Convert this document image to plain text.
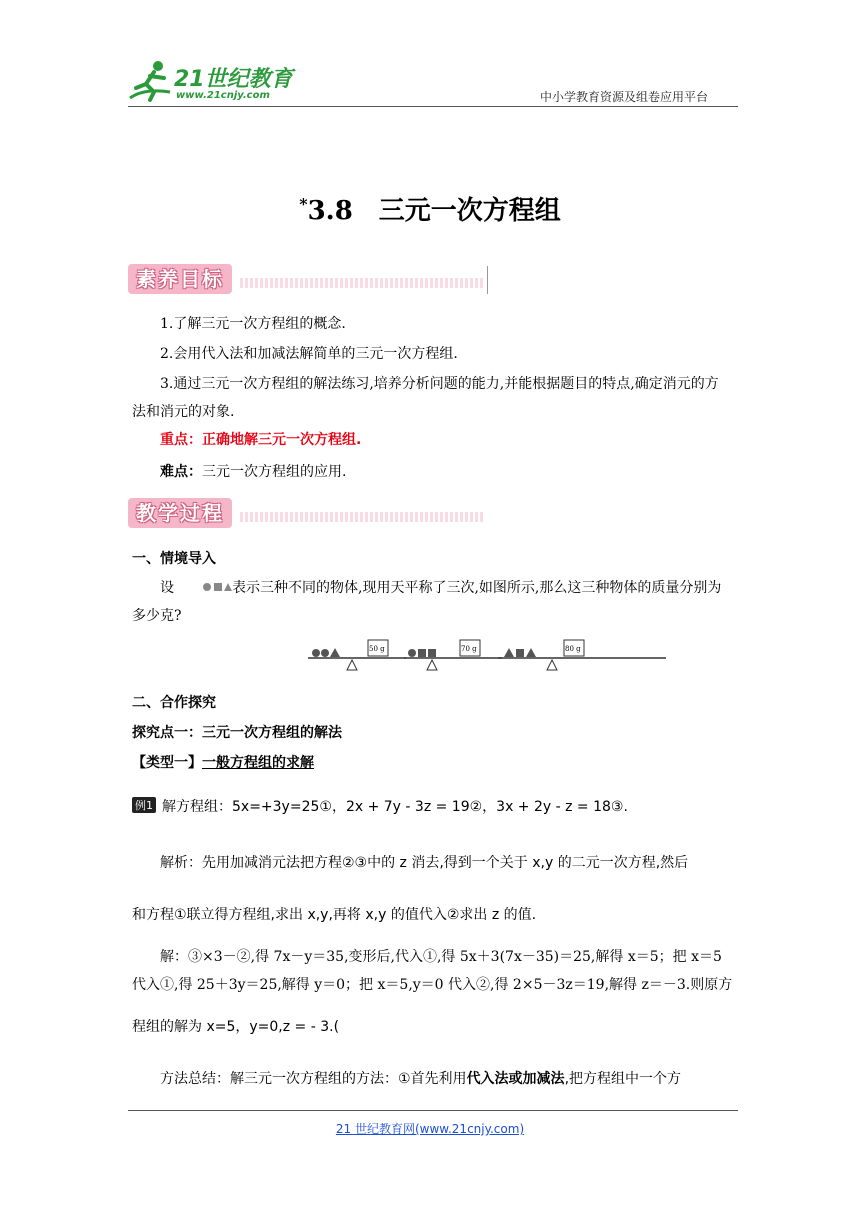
21世纪教育
www.21cnjy.com	中小学教育资源及组卷应用平台
*3.8　三元一次方程组
素养目标
1.了解三元一次方程组的概念.
2.会用代入法和加减法解简单的三元一次方程组.
3.通过三元一次方程组的解法练习,培养分析问题的能力,并能根据题目的特点,确定消元的方法和消元的对象.
重点：正确地解三元一次方程组.
难点：三元一次方程组的应用.
教学过程
一、情境导入
设	表示三种不同的物体,现用天平称了三次,如图所示,那么这三种物体的质量分别为多少克?
50 g	70 g	80 g
二、合作探究
探究点一：三元一次方程组的解法
【类型一】一般方程组的求解
例1 解方程组：5x=+3y=25①，2x + 7y - 3z = 19②，3x + 2y - z = 18③.
解析：先用加减消元法把方程②③中的 z 消去,得到一个关于 x,y 的二元一次方程,然后
和方程①联立得方程组,求出 x,y,再将 x,y 的值代入②求出 z 的值.
解：③×3－②,得 7x－y＝35,变形后,代入①,得 5x＋3(7x－35)＝25,解得 x＝5；把 x＝5
代入①,得 25＋3y＝25,解得 y＝0；把 x＝5,y＝0 代入②,得 2×5－3z＝19,解得 z＝－3.则原方
程组的解为 x=5，y=0,z = - 3.(
方法总结：解三元一次方程组的方法：①首先利用代入法或加减法,把方程组中一个方
21 世纪教育网(www.21cnjy.com)
